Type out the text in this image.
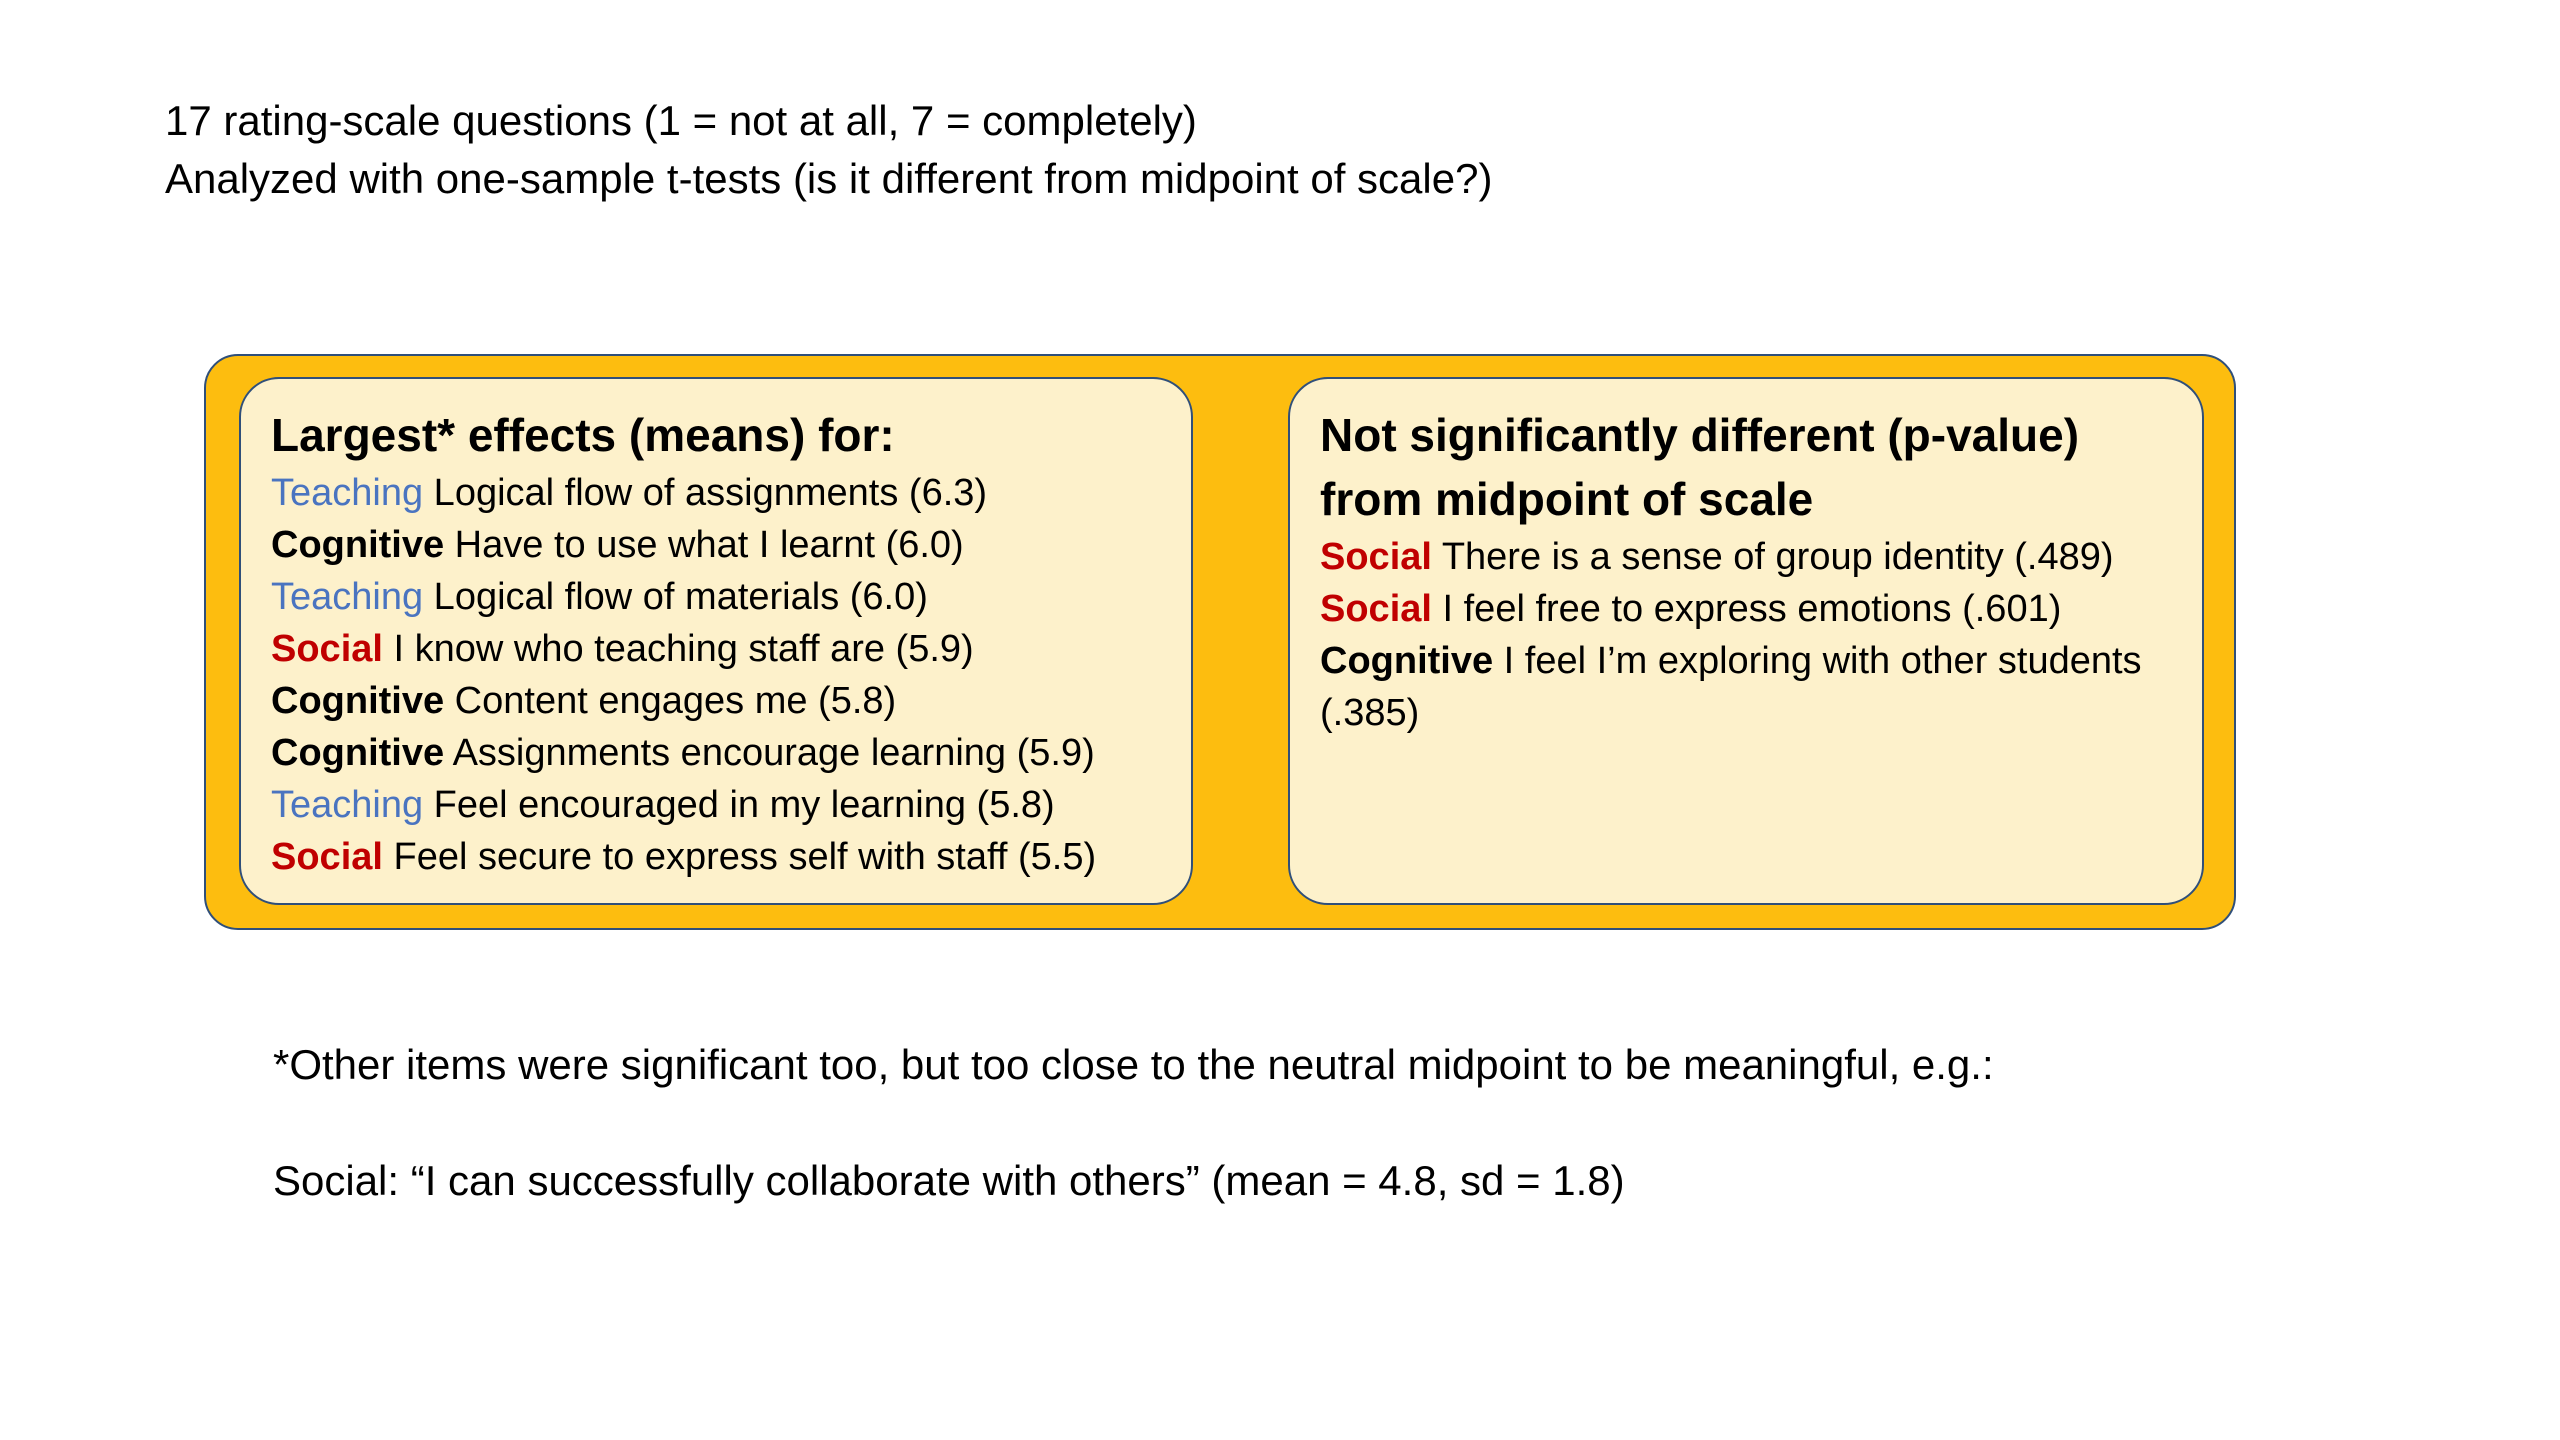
17 rating-scale questions (1 = not at all, 7 = completely)
Analyzed with one-sample t-tests (is it different from midpoint of scale?)
Largest* effects (means) for:
Teaching Logical flow of assignments (6.3)
Cognitive Have to use what I learnt (6.0)
Teaching Logical flow of materials (6.0)
Social I know who teaching staff are (5.9)
Cognitive Content engages me (5.8)
Cognitive Assignments encourage learning (5.9)
Teaching Feel encouraged in my learning (5.8)
Social Feel secure to express self with staff (5.5)
Not significantly different (p-value)
from midpoint of scale
Social There is a sense of group identity (.489)
Social I feel free to express emotions (.601)
Cognitive I feel I’m exploring with other students (.385)
*Other items were significant too, but too close to the neutral midpoint to be meaningful, e.g.:
Social: “I can successfully collaborate with others” (mean = 4.8, sd = 1.8)
